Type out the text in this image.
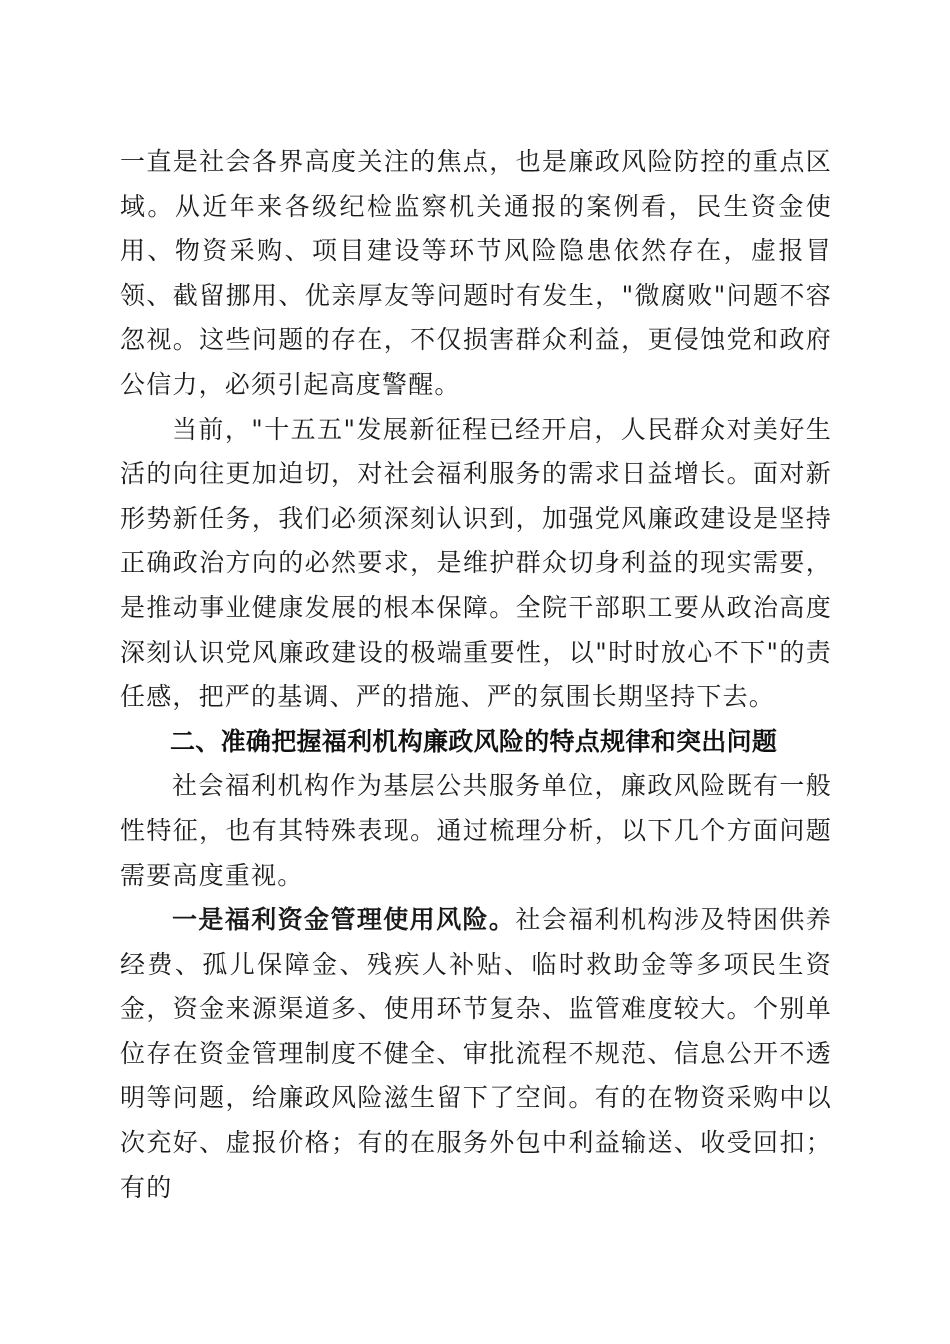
一直是社会各界高度关注的焦点，也是廉政风险防控的重点区域。从近年来各级纪检监察机关通报的案例看，民生资金使用、物资采购、项目建设等环节风险隐患依然存在，虚报冒领、截留挪用、优亲厚友等问题时有发生，"微腐败"问题不容忽视。这些问题的存在，不仅损害群众利益，更侵蚀党和政府公信力，必须引起高度警醒。

当前，"十五五"发展新征程已经开启，人民群众对美好生活的向往更加迫切，对社会福利服务的需求日益增长。面对新形势新任务，我们必须深刻认识到，加强党风廉政建设是坚持正确政治方向的必然要求，是维护群众切身利益的现实需要，是推动事业健康发展的根本保障。全院干部职工要从政治高度深刻认识党风廉政建设的极端重要性，以"时时放心不下"的责任感，把严的基调、严的措施、严的氛围长期坚持下去。

二、准确把握福利机构廉政风险的特点规律和突出问题

社会福利机构作为基层公共服务单位，廉政风险既有一般性特征，也有其特殊表现。通过梳理分析，以下几个方面问题需要高度重视。

一是福利资金管理使用风险。社会福利机构涉及特困供养经费、孤儿保障金、残疾人补贴、临时救助金等多项民生资金，资金来源渠道多、使用环节复杂、监管难度较大。个别单位存在资金管理制度不健全、审批流程不规范、信息公开不透明等问题，给廉政风险滋生留下了空间。有的在物资采购中以次充好、虚报价格；有的在服务外包中利益输送、收受回扣；有的
